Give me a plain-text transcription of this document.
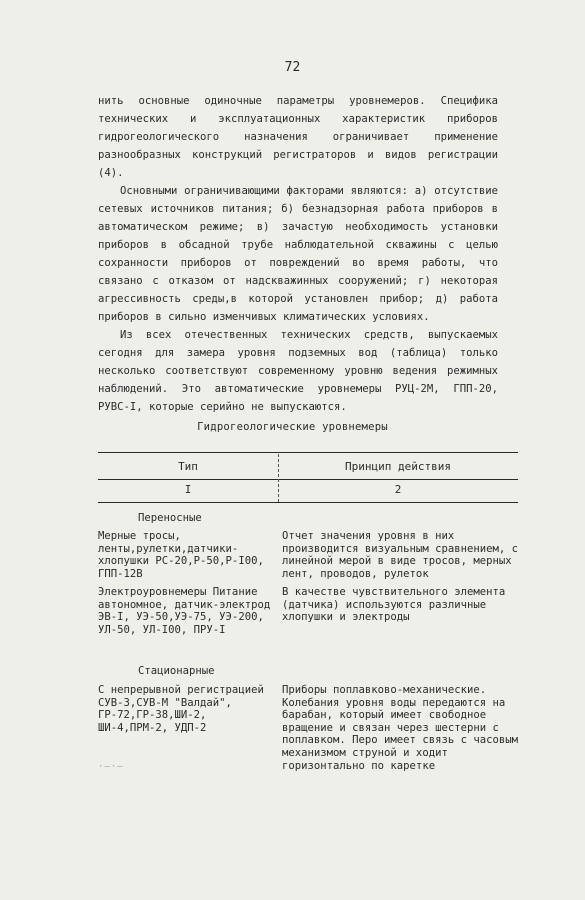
72

нить основные одиночные параметры уровнемеров. Специфика технических и эксплуатационных характеристик приборов гидрогеологического назначения ограничивает применение разнообразных конструкций регистраторов и видов регистрации (4).

Основными ограничивающими факторами являются: а) отсутствие сетевых источников питания; б) безнадзорная работа приборов в автоматическом режиме; в) зачастую необходимость установки приборов в обсадной трубе наблюдательной скважины с целью сохранности приборов от повреждений во время работы, что связано с отказом от надскважинных сооружений; г) некоторая агрессивность среды,в которой установлен прибор; д) работа приборов в сильно изменчивых климатических условиях.

Из всех отечественных технических средств, выпускаемых сегодня для замера уровня подземных вод (таблица) только несколько соответствуют современному уровню ведения режимных наблюдений. Это автоматические уровнемеры РУЦ-2М, ГПП-20, РУВС-I, которые серийно не выпускаются.

Гидрогеологические уровнемеры
Тип	Принцип действия
I	2
Переносные
Мерные тросы, ленты,рулетки,датчики-хлопушки РС-20,Р-50,Р-I00, ГПП-12В
Отчет значения уровня в них производится визуальным сравнением, с линейной мерой в виде тросов, мерных лент, проводов, рулеток
Электроуровнемеры Питание автономное, датчик-электрод ЭВ-I, УЭ-50,УЭ-75, УЭ-200, УЛ-50, УЛ-I00, ПРУ-I
В качестве чувствительного элемента (датчика) используются различные хлопушки и электроды
Стационарные
С непрерывной регистрацией СУВ-3,СУВ-М "Валдай", ГР-72,ГР-38,ШИ-2, ШИ-4,ПРМ-2, УДП-2
Приборы поплавково-механические. Колебания уровня воды передаются на барабан, который имеет свободное вращение и связан через шестерни с поплавком. Перо имеет связь с часовым механизмом струной и ходит горизонтально по каретке
·—·—
